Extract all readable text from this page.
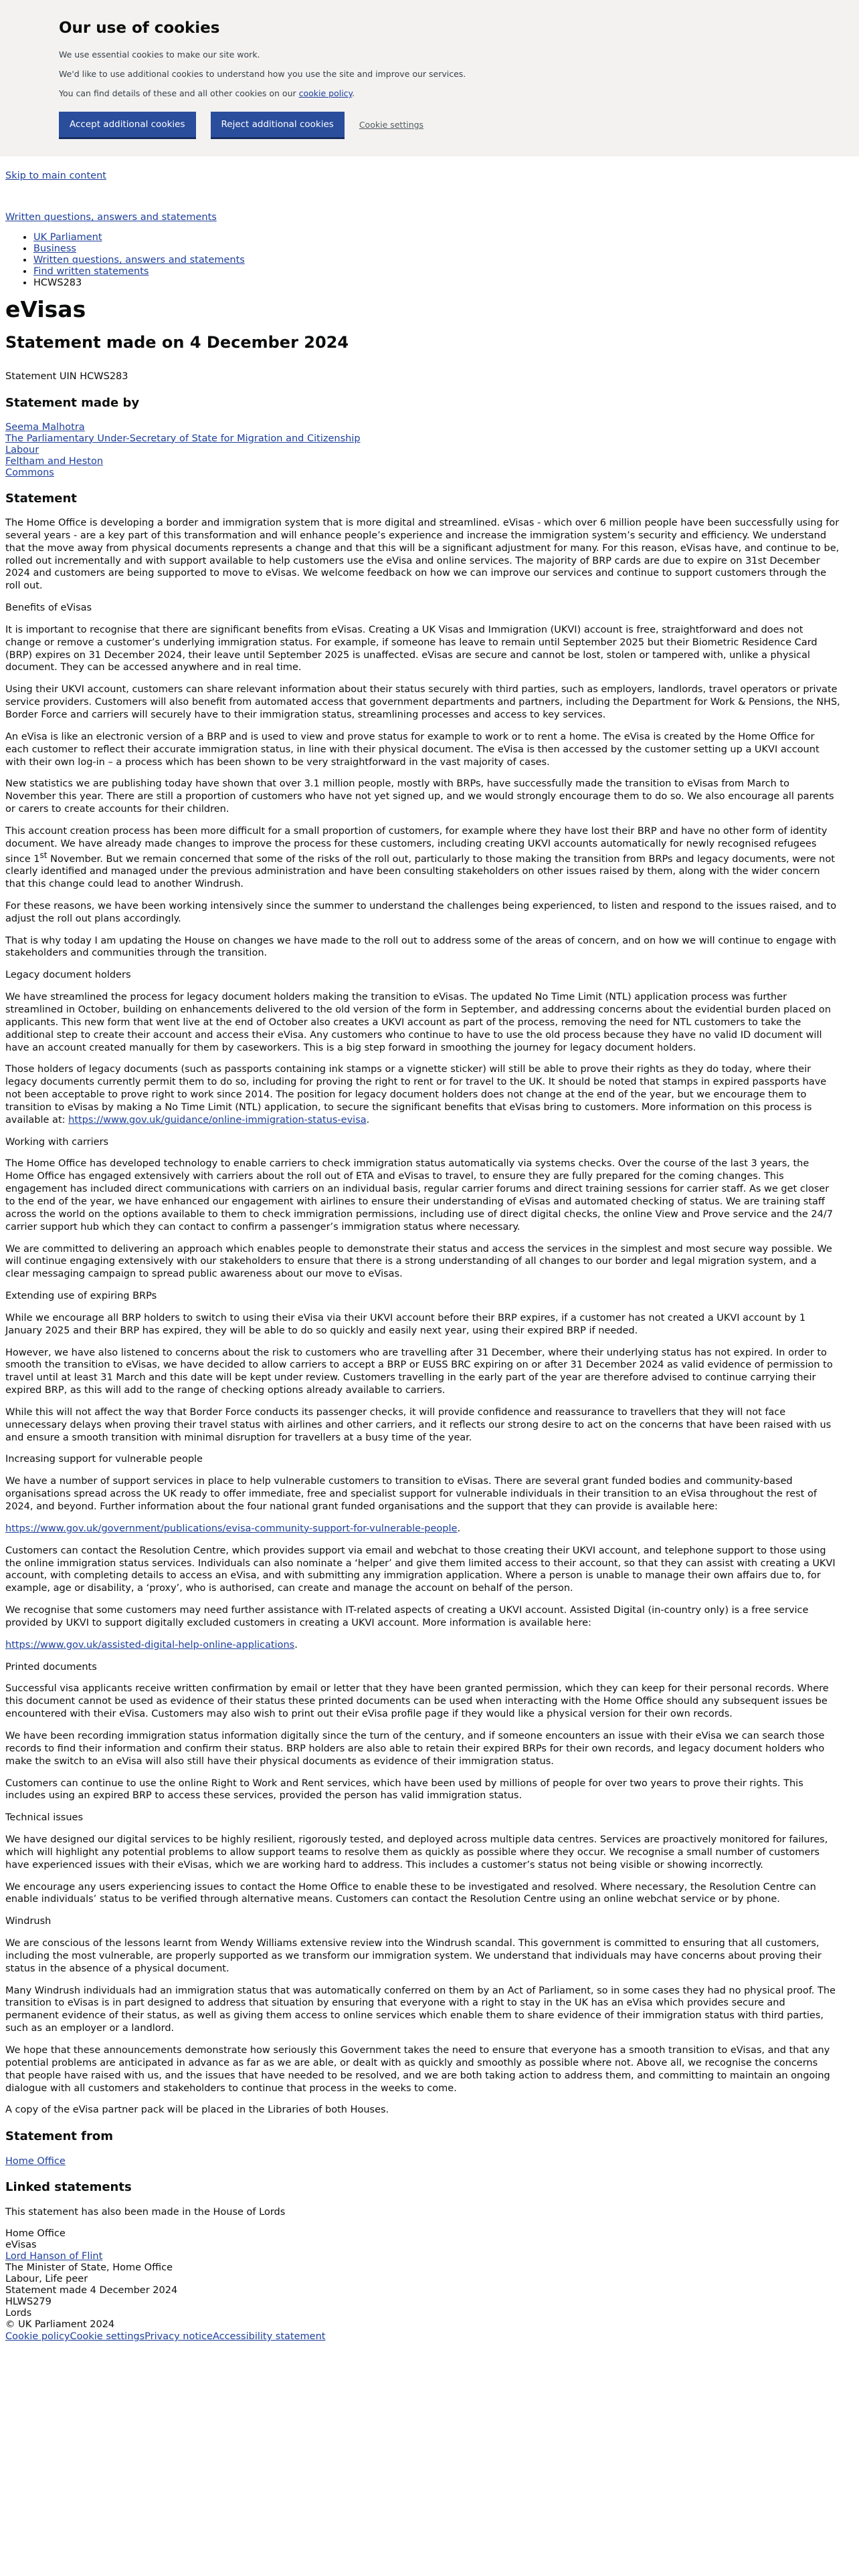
Our use of cookies

We use essential cookies to make our site work.

We'd like to use additional cookies to understand how you use the site and improve our services.

You can find details of these and all other cookies on our cookie policy.

Accept additional cookies	Reject additional cookies	Cookie settings
Skip to main content
Written questions, answers and statements
• UK Parliament
• Business
• Written questions, answers and statements
• Find written statements
• HCWS283
eVisas
Statement made on 4 December 2024

Statement UIN HCWS283

Statement made by
Seema Malhotra
The Parliamentary Under-Secretary of State for Migration and Citizenship
Labour
Feltham and Heston
Commons
Statement

The Home Office is developing a border and immigration system that is more digital and streamlined. eVisas - which over 6 million people have been successfully using for several years - are a key part of this transformation and will enhance people’s experience and increase the immigration system’s security and efficiency. We understand that the move away from physical documents represents a change and that this will be a significant adjustment for many. For this reason, eVisas have, and continue to be, rolled out incrementally and with support available to help customers use the eVisa and online services. The majority of BRP cards are due to expire on 31st December 2024 and customers are being supported to move to eVisas. We welcome feedback on how we can improve our services and continue to support customers through the roll out.

Benefits of eVisas

It is important to recognise that there are significant benefits from eVisas. Creating a UK Visas and Immigration (UKVI) account is free, straightforward and does not change or remove a customer’s underlying immigration status. For example, if someone has leave to remain until September 2025 but their Biometric Residence Card (BRP) expires on 31 December 2024, their leave until September 2025 is unaffected. eVisas are secure and cannot be lost, stolen or tampered with, unlike a physical document. They can be accessed anywhere and in real time.

Using their UKVI account, customers can share relevant information about their status securely with third parties, such as employers, landlords, travel operators or private service providers. Customers will also benefit from automated access that government departments and partners, including the Department for Work & Pensions, the NHS, Border Force and carriers will securely have to their immigration status, streamlining processes and access to key services.

An eVisa is like an electronic version of a BRP and is used to view and prove status for example to work or to rent a home. The eVisa is created by the Home Office for each customer to reflect their accurate immigration status, in line with their physical document. The eVisa is then accessed by the customer setting up a UKVI account with their own log-in – a process which has been shown to be very straightforward in the vast majority of cases.

New statistics we are publishing today have shown that over 3.1 million people, mostly with BRPs, have successfully made the transition to eVisas from March to November this year. There are still a proportion of customers who have not yet signed up, and we would strongly encourage them to do so. We also encourage all parents or carers to create accounts for their children.

This account creation process has been more difficult for a small proportion of customers, for example where they have lost their BRP and have no other form of identity document. We have already made changes to improve the process for these customers, including creating UKVI accounts automatically for newly recognised refugees since 1st November. But we remain concerned that some of the risks of the roll out, particularly to those making the transition from BRPs and legacy documents, were not clearly identified and managed under the previous administration and have been consulting stakeholders on other issues raised by them, along with the wider concern that this change could lead to another Windrush.

For these reasons, we have been working intensively since the summer to understand the challenges being experienced, to listen and respond to the issues raised, and to adjust the roll out plans accordingly.

That is why today I am updating the House on changes we have made to the roll out to address some of the areas of concern, and on how we will continue to engage with stakeholders and communities through the transition.

Legacy document holders

We have streamlined the process for legacy document holders making the transition to eVisas. The updated No Time Limit (NTL) application process was further streamlined in October, building on enhancements delivered to the old version of the form in September, and addressing concerns about the evidential burden placed on applicants. This new form that went live at the end of October also creates a UKVI account as part of the process, removing the need for NTL customers to take the additional step to create their account and access their eVisa. Any customers who continue to have to use the old process because they have no valid ID document will have an account created manually for them by caseworkers. This is a big step forward in smoothing the journey for legacy document holders.

Those holders of legacy documents (such as passports containing ink stamps or a vignette sticker) will still be able to prove their rights as they do today, where their legacy documents currently permit them to do so, including for proving the right to rent or for travel to the UK. It should be noted that stamps in expired passports have not been acceptable to prove right to work since 2014. The position for legacy document holders does not change at the end of the year, but we encourage them to transition to eVisas by making a No Time Limit (NTL) application, to secure the significant benefits that eVisas bring to customers. More information on this process is available at: https://www.gov.uk/guidance/online-immigration-status-evisa.

Working with carriers

The Home Office has developed technology to enable carriers to check immigration status automatically via systems checks. Over the course of the last 3 years, the Home Office has engaged extensively with carriers about the roll out of ETA and eVisas to travel, to ensure they are fully prepared for the coming changes. This engagement has included direct communications with carriers on an individual basis, regular carrier forums and direct training sessions for carrier staff. As we get closer to the end of the year, we have enhanced our engagement with airlines to ensure their understanding of eVisas and automated checking of status. We are training staff across the world on the options available to them to check immigration permissions, including use of direct digital checks, the online View and Prove service and the 24/7 carrier support hub which they can contact to confirm a passenger’s immigration status where necessary.

We are committed to delivering an approach which enables people to demonstrate their status and access the services in the simplest and most secure way possible. We will continue engaging extensively with our stakeholders to ensure that there is a strong understanding of all changes to our border and legal migration system, and a clear messaging campaign to spread public awareness about our move to eVisas.

Extending use of expiring BRPs

While we encourage all BRP holders to switch to using their eVisa via their UKVI account before their BRP expires, if a customer has not created a UKVI account by 1 January 2025 and their BRP has expired, they will be able to do so quickly and easily next year, using their expired BRP if needed.

However, we have also listened to concerns about the risk to customers who are travelling after 31 December, where their underlying status has not expired. In order to smooth the transition to eVisas, we have decided to allow carriers to accept a BRP or EUSS BRC expiring on or after 31 December 2024 as valid evidence of permission to travel until at least 31 March and this date will be kept under review. Customers travelling in the early part of the year are therefore advised to continue carrying their expired BRP, as this will add to the range of checking options already available to carriers.

While this will not affect the way that Border Force conducts its passenger checks, it will provide confidence and reassurance to travellers that they will not face unnecessary delays when proving their travel status with airlines and other carriers, and it reflects our strong desire to act on the concerns that have been raised with us and ensure a smooth transition with minimal disruption for travellers at a busy time of the year.

Increasing support for vulnerable people

We have a number of support services in place to help vulnerable customers to transition to eVisas. There are several grant funded bodies and community-based organisations spread across the UK ready to offer immediate, free and specialist support for vulnerable individuals in their transition to an eVisa throughout the rest of 2024, and beyond. Further information about the four national grant funded organisations and the support that they can provide is available here:

https://www.gov.uk/government/publications/evisa-community-support-for-vulnerable-people.

Customers can contact the Resolution Centre, which provides support via email and webchat to those creating their UKVI account, and telephone support to those using the online immigration status services. Individuals can also nominate a ‘helper’ and give them limited access to their account, so that they can assist with creating a UKVI account, with completing details to access an eVisa, and with submitting any immigration application. Where a person is unable to manage their own affairs due to, for example, age or disability, a ‘proxy’, who is authorised, can create and manage the account on behalf of the person.

We recognise that some customers may need further assistance with IT-related aspects of creating a UKVI account. Assisted Digital (in-country only) is a free service provided by UKVI to support digitally excluded customers in creating a UKVI account. More information is available here:

https://www.gov.uk/assisted-digital-help-online-applications.

Printed documents

Successful visa applicants receive written confirmation by email or letter that they have been granted permission, which they can keep for their personal records. Where this document cannot be used as evidence of their status these printed documents can be used when interacting with the Home Office should any subsequent issues be encountered with their eVisa. Customers may also wish to print out their eVisa profile page if they would like a physical version for their own records.

We have been recording immigration status information digitally since the turn of the century, and if someone encounters an issue with their eVisa we can search those records to find their information and confirm their status. BRP holders are also able to retain their expired BRPs for their own records, and legacy document holders who make the switch to an eVisa will also still have their physical documents as evidence of their immigration status.

Customers can continue to use the online Right to Work and Rent services, which have been used by millions of people for over two years to prove their rights. This includes using an expired BRP to access these services, provided the person has valid immigration status.

Technical issues

We have designed our digital services to be highly resilient, rigorously tested, and deployed across multiple data centres. Services are proactively monitored for failures, which will highlight any potential problems to allow support teams to resolve them as quickly as possible where they occur. We recognise a small number of customers have experienced issues with their eVisas, which we are working hard to address. This includes a customer’s status not being visible or showing incorrectly.

We encourage any users experiencing issues to contact the Home Office to enable these to be investigated and resolved. Where necessary, the Resolution Centre can enable individuals’ status to be verified through alternative means. Customers can contact the Resolution Centre using an online webchat service or by phone.

Windrush

We are conscious of the lessons learnt from Wendy Williams extensive review into the Windrush scandal. This government is committed to ensuring that all customers, including the most vulnerable, are properly supported as we transform our immigration system. We understand that individuals may have concerns about proving their status in the absence of a physical document.

Many Windrush individuals had an immigration status that was automatically conferred on them by an Act of Parliament, so in some cases they had no physical proof. The transition to eVisas is in part designed to address that situation by ensuring that everyone with a right to stay in the UK has an eVisa which provides secure and permanent evidence of their status, as well as giving them access to online services which enable them to share evidence of their immigration status with third parties, such as an employer or a landlord.

We hope that these announcements demonstrate how seriously this Government takes the need to ensure that everyone has a smooth transition to eVisas, and that any potential problems are anticipated in advance as far as we are able, or dealt with as quickly and smoothly as possible where not. Above all, we recognise the concerns that people have raised with us, and the issues that have needed to be resolved, and we are both taking action to address them, and committing to maintain an ongoing dialogue with all customers and stakeholders to continue that process in the weeks to come.

A copy of the eVisa partner pack will be placed in the Libraries of both Houses.

Statement from
Home Office
Linked statements

This statement has also been made in the House of Lords

Home Office
eVisas
Lord Hanson of Flint
The Minister of State, Home Office
Labour, Life peer
Statement made 4 December 2024
HLWS279
Lords
© UK Parliament 2024
Cookie policyCookie settingsPrivacy noticeAccessibility statement
